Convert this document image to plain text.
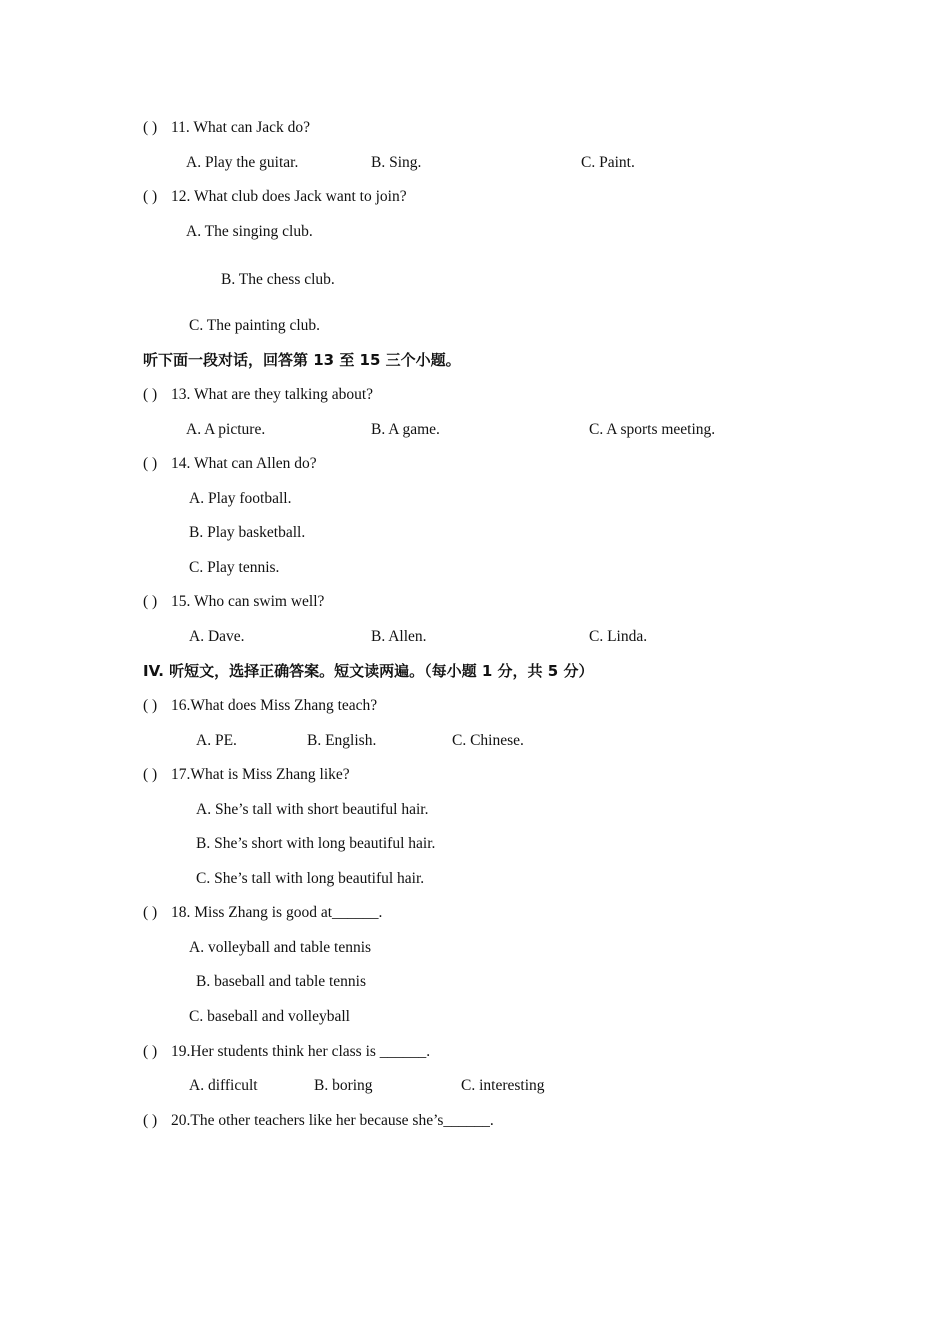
( ) 11. What can Jack do?
A. Play the guitar.	B. Sing.	C. Paint.
( ) 12. What club does Jack want to join?
A. The singing club.
B. The chess club.
C. The painting club.
听下面一段对话，回答第 13 至 15 三个小题。
( ) 13. What are they talking about?
A. A picture.	B. A game.	C. A sports meeting.
( ) 14. What can Allen do?
A. Play football.
B. Play basketball.
C. Play tennis.
( ) 15. Who can swim well?
A. Dave.	B. Allen.	C. Linda.
IV. 听短文，选择正确答案。短文读两遍。（每小题 1 分，共 5 分）
( ) 16.What does Miss Zhang teach?
A. PE.	B. English.	C. Chinese.
( ) 17.What is Miss Zhang like?
A. She’s tall with short beautiful hair.
B. She’s short with long beautiful hair.
C. She’s tall with long beautiful hair.
( ) 18. Miss Zhang is good at______.
A. volleyball and table tennis
B. baseball and table tennis
C. baseball and volleyball
( ) 19.Her students think her class is ______.
A. difficult	B. boring	C. interesting
( ) 20.The other teachers like her because she’s______.
